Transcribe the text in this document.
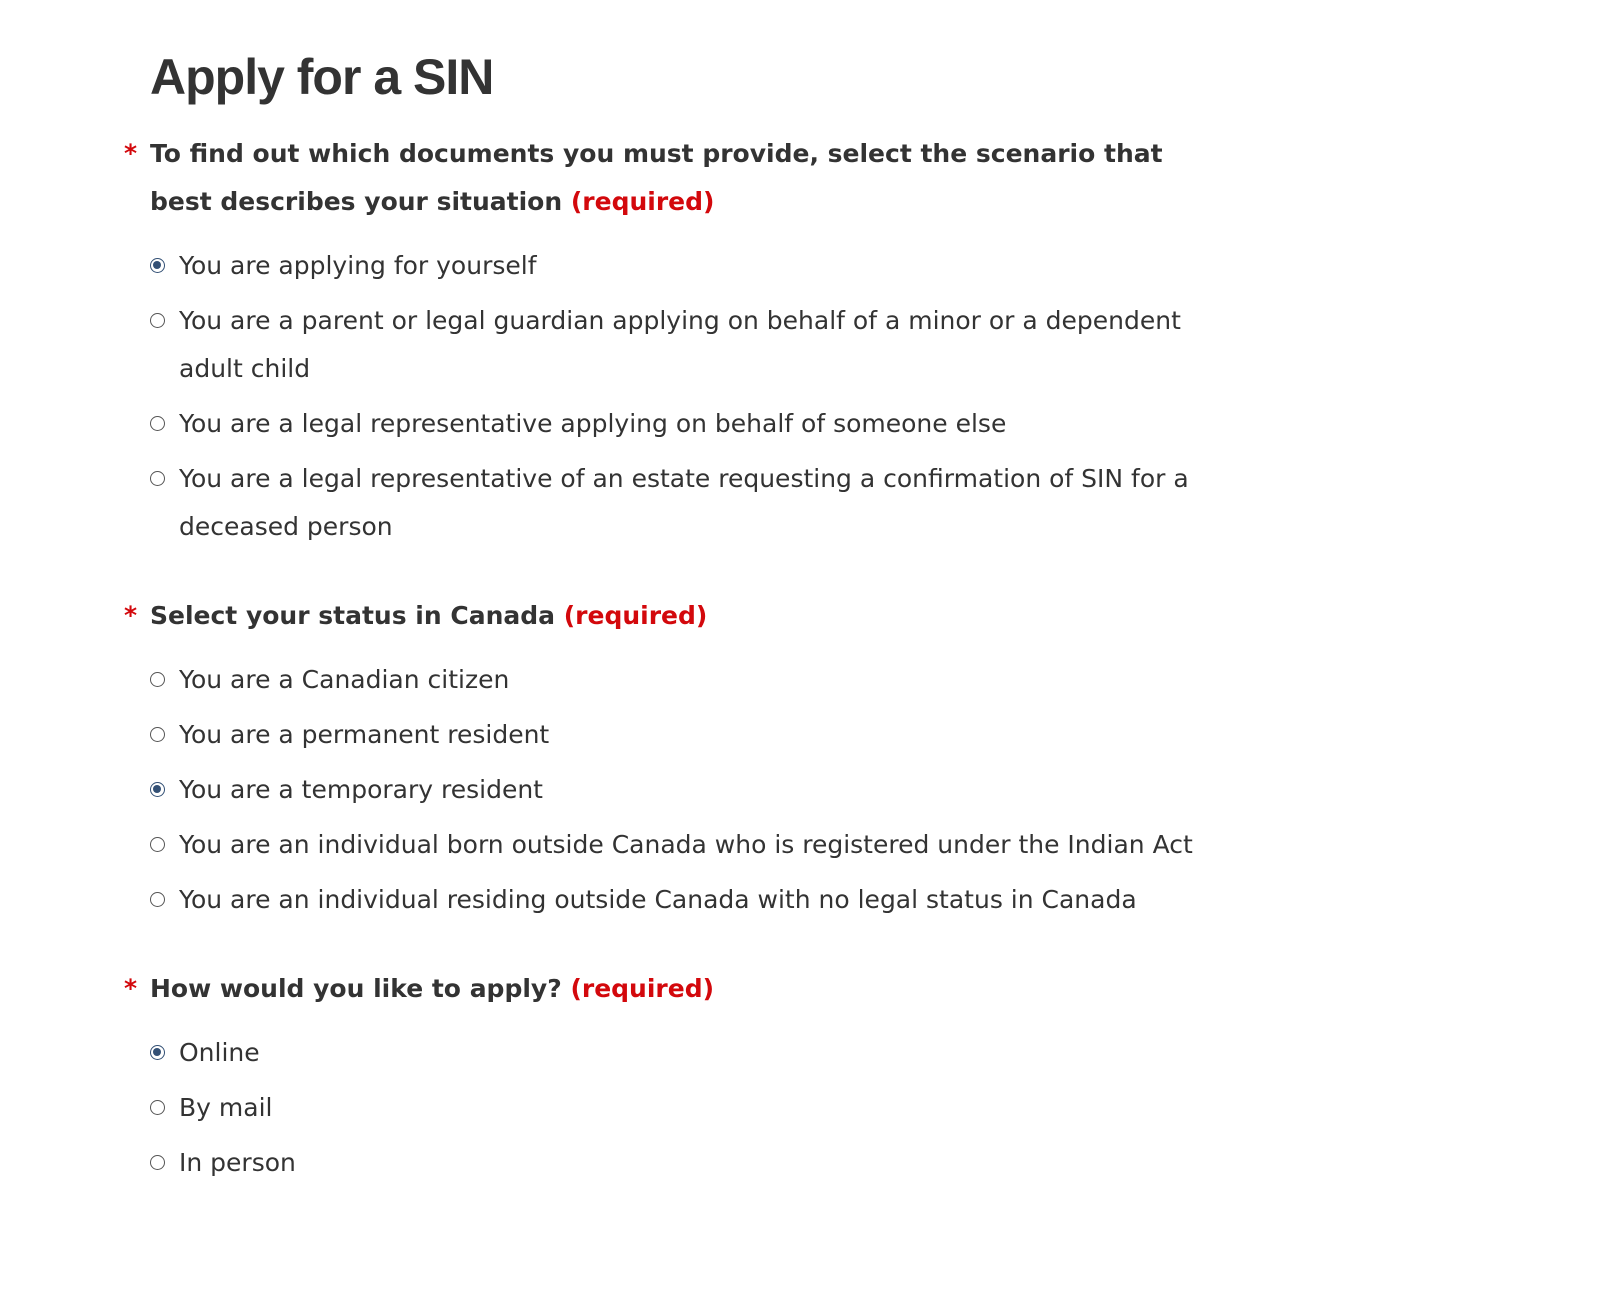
Apply for a SIN
* To find out which documents you must provide, select the scenario that best describes your situation (required)
You are applying for yourself
You are a parent or legal guardian applying on behalf of a minor or a dependent adult child
You are a legal representative applying on behalf of someone else
You are a legal representative of an estate requesting a confirmation of SIN for a deceased person
* Select your status in Canada (required)
You are a Canadian citizen
You are a permanent resident
You are a temporary resident
You are an individual born outside Canada who is registered under the Indian Act
You are an individual residing outside Canada with no legal status in Canada
* How would you like to apply? (required)
Online
By mail
In person
